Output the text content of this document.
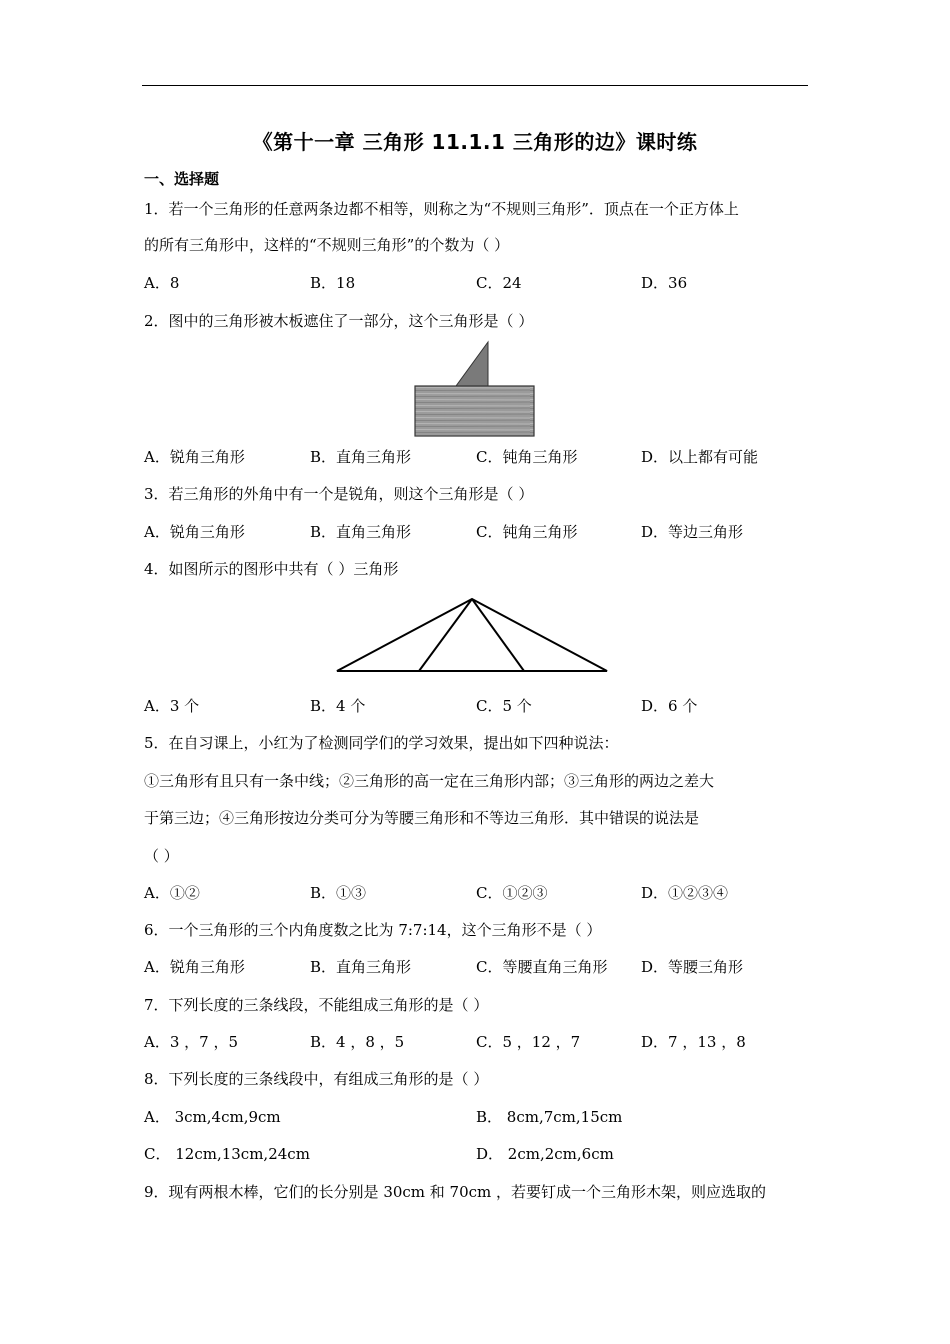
《第十一章 三角形 11.1.1 三角形的边》课时练
一、选择题
1．若一个三角形的任意两条边都不相等，则称之为“不规则三角形”．顶点在一个正方体上
的所有三角形中，这样的“不规则三角形”的个数为（ ）
A．8	B．18	C．24	D．36
2．图中的三角形被木板遮住了一部分，这个三角形是（ ）
A．锐角三角形	B．直角三角形	C．钝角三角形	D．以上都有可能
3．若三角形的外角中有一个是锐角，则这个三角形是（ ）
A．锐角三角形	B．直角三角形	C．钝角三角形	D．等边三角形
4．如图所示的图形中共有（ ）三角形
A．3 个	B．4 个	C．5 个	D．6 个
5．在自习课上，小红为了检测同学们的学习效果，提出如下四种说法：
①三角形有且只有一条中线；②三角形的高一定在三角形内部；③三角形的两边之差大
于第三边；④三角形按边分类可分为等腰三角形和不等边三角形．其中错误的说法是
（ ）
A．①②	B．①③	C．①②③	D．①②③④
6．一个三角形的三个内角度数之比为 7:7:14，这个三角形不是（ ）
A．锐角三角形	B．直角三角形	C．等腰直角三角形 D．等腰三角形
7．下列长度的三条线段，不能组成三角形的是（ ）
A．3 ，7 ，5	B．4 ，8 ，5	C．5 ，12 ，7	D．7 ，13 ，8
8．下列长度的三条线段中，有组成三角形的是（ ）
A． 3cm,4cm,9cm	B． 8cm,7cm,15cm
C． 12cm,13cm,24cm	D． 2cm,2cm,6cm
9．现有两根木棒，它们的长分别是 30cm 和 70cm ，若要钉成一个三角形木架，则应选取的
